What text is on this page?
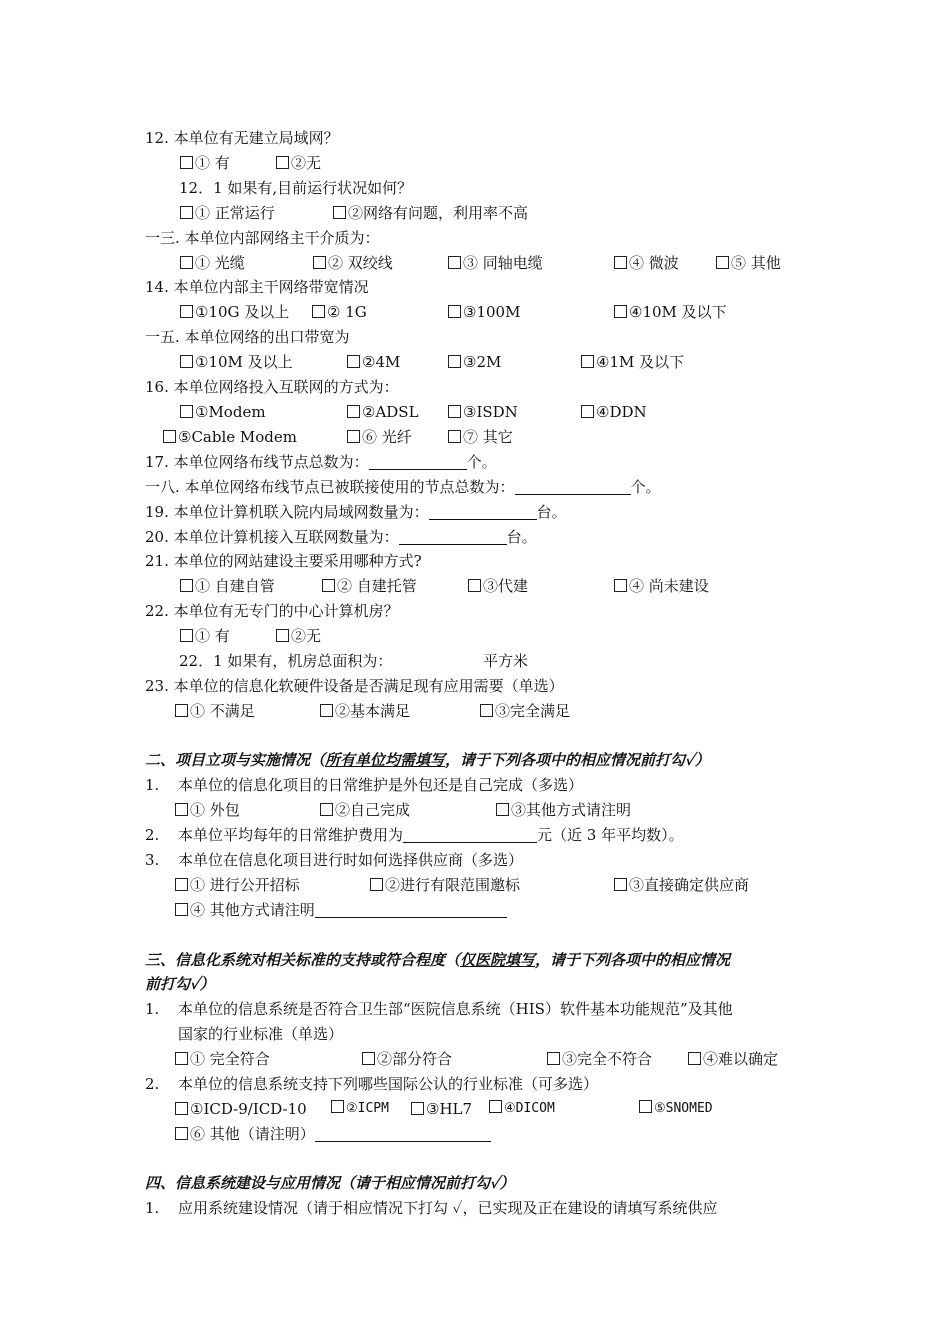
12. 本单位有无建立局域网？
① 有	②无
12．1 如果有,目前运行状况如何？
① 正常运行	②网络有问题，利用率不高
一三. 本单位内部网络主干介质为：
① 光缆	② 双绞线	③ 同轴电缆	④ 微波	⑤ 其他
14. 本单位内部主干网络带宽情况
①10G 及以上	② 1G	③100M	④10M 及以下
一五. 本单位网络的出口带宽为
①10M 及以上	②4M	③2M	④1M 及以下
16. 本单位网络投入互联网的方式为：
①Modem	②ADSL	③ISDN	④DDN
⑤Cable Modem	⑥ 光纤	⑦ 其它
17. 本单位网络布线节点总数为：	个。
一八. 本单位网络布线节点已被联接使用的节点总数为：	个。
19. 本单位计算机联入院内局域网数量为：	台。
20. 本单位计算机接入互联网数量为：	台。
21. 本单位的网站建设主要采用哪种方式?
① 自建自管	② 自建托管	③代建	④ 尚未建设
22. 本单位有无专门的中心计算机房？
① 有	②无
22．1 如果有，机房总面积为：	平方米
23. 本单位的信息化软硬件设备是否满足现有应用需要（单选）
① 不满足	②基本满足	③完全满足
二、项目立项与实施情况（所有单位均需填写，请于下列各项中的相应情况前打勾✓）
1. 本单位的信息化项目的日常维护是外包还是自己完成（多选）
① 外包	②自己完成	③其他方式请注明
2. 本单位平均每年的日常维护费用为	元（近 3 年平均数）。
3. 本单位在信息化项目进行时如何选择供应商（多选）
① 进行公开招标	②进行有限范围邀标	③直接确定供应商
④ 其他方式请注明
三、信息化系统对相关标准的支持或符合程度（仅医院填写，请于下列各项中的相应情况
前打勾✓）
1. 本单位的信息系统是否符合卫生部“医院信息系统（HIS）软件基本功能规范”及其他
国家的行业标准（单选）
① 完全符合	②部分符合	③完全不符合	④难以确定
2. 本单位的信息系统支持下列哪些国际公认的行业标准（可多选）
①ICD-9/ICD-10	②ICPM	③HL7	④DICOM	⑤SNOMED
⑥ 其他（请注明）
四、信息系统建设与应用情况（请于相应情况前打勾✓）
1. 应用系统建设情况（请于相应情况下打勾 ✓，已实现及正在建设的请填写系统供应
